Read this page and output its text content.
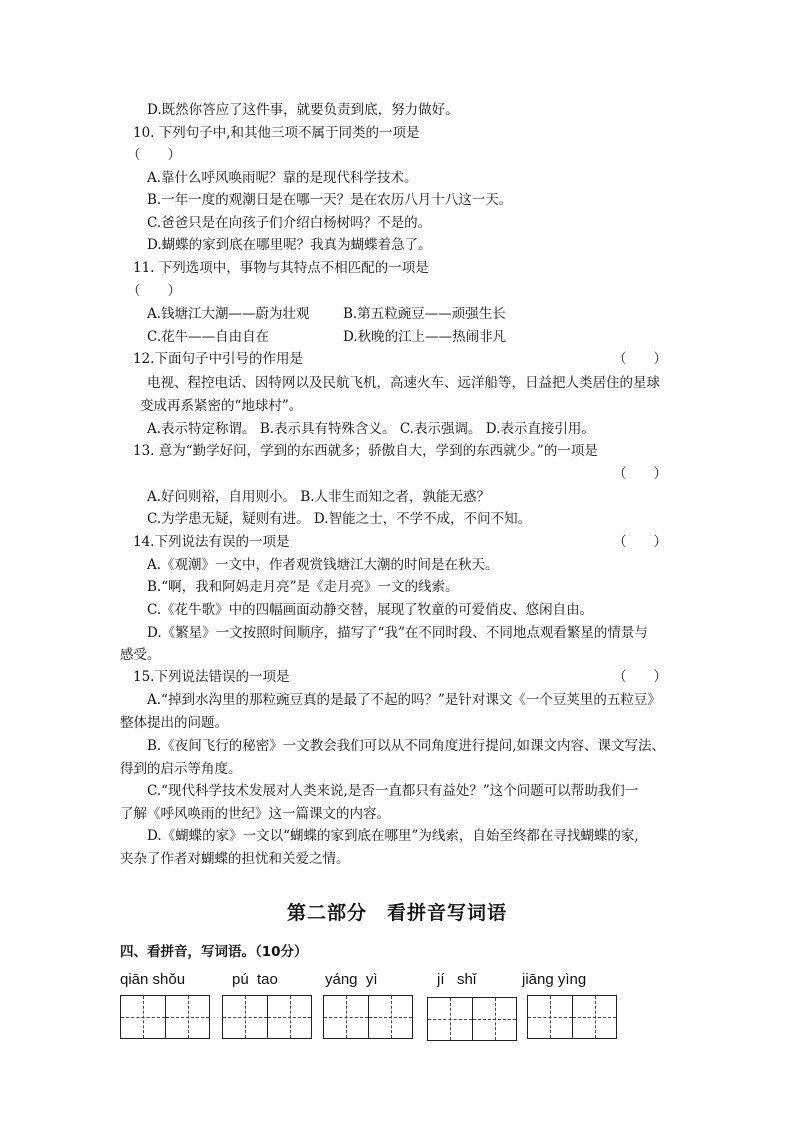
D.既然你答应了这件事，就要负责到底，努力做好。
10. 下列句子中,和其他三项不属于同类的一项是
（　　）
A.靠什么呼风唤雨呢？靠的是现代科学技术。
B.一年一度的观潮日是在哪一天？是在农历八月十八这一天。
C.爸爸只是在向孩子们介绍白杨树吗？不是的。
D.蝴蝶的家到底在哪里呢？我真为蝴蝶着急了。
11. 下列选项中，事物与其特点不相匹配的一项是
（　　）
A.钱塘江大潮——蔚为壮观 B.第五粒豌豆——顽强生长
C.花牛——自由自在	D.秋晚的江上——热闹非凡
12.下面句子中引号的作用是	（　　）
电视、程控电话、因特网以及民航飞机，高速火车、远洋船等，日益把人类居住的星球
变成再系紧密的“地球村”。
A.表示特定称谓。 B.表示具有特殊含义。 C.表示强调。 D.表示直接引用。
13. 意为“勤学好问，学到的东西就多；骄傲自大，学到的东西就少。”的一项是
（　　）
A.好问则裕，自用则小。 B.人非生而知之者，孰能无惑？
C.为学患无疑，疑则有进。 D.智能之士，不学不成，不问不知。
14.下列说法有误的一项是	（　　）
A.《观潮》一文中，作者观赏钱塘江大潮的时间是在秋天。
B.“啊，我和阿妈走月亮”是《走月亮》一文的线索。
C.《花牛歌》中的四幅画面动静交替，展现了牧童的可爱俏皮、悠闲自由。
D.《繁星》一文按照时间顺序，描写了“我”在不同时段、不同地点观看繁星的情景与
感受。
15.下列说法错误的一项是	（　　）
A.“掉到水沟里的那粒豌豆真的是最了不起的吗？”是针对课文《一个豆荚里的五粒豆》
整体提出的问题。
B.《夜间飞行的秘密》一文教会我们可以从不同角度进行提问,如课文内容、课文写法、
得到的启示等角度。
C.“现代科学技术发展对人类来说,是否一直都只有益处？”这个问题可以帮助我们一
了解《呼风唤雨的世纪》这一篇课文的内容。
D.《蝴蝶的家》一文以“蝴蝶的家到底在哪里”为线索，自始至终都在寻找蝴蝶的家,
夹杂了作者对蝴蝶的担忧和关爱之情。
第二部分　看拼音写词语
四、看拼音，写词语。（10分）
qiān shǒu	pú  tao	yáng  yì	jí   shǐ	jiāng yìng
